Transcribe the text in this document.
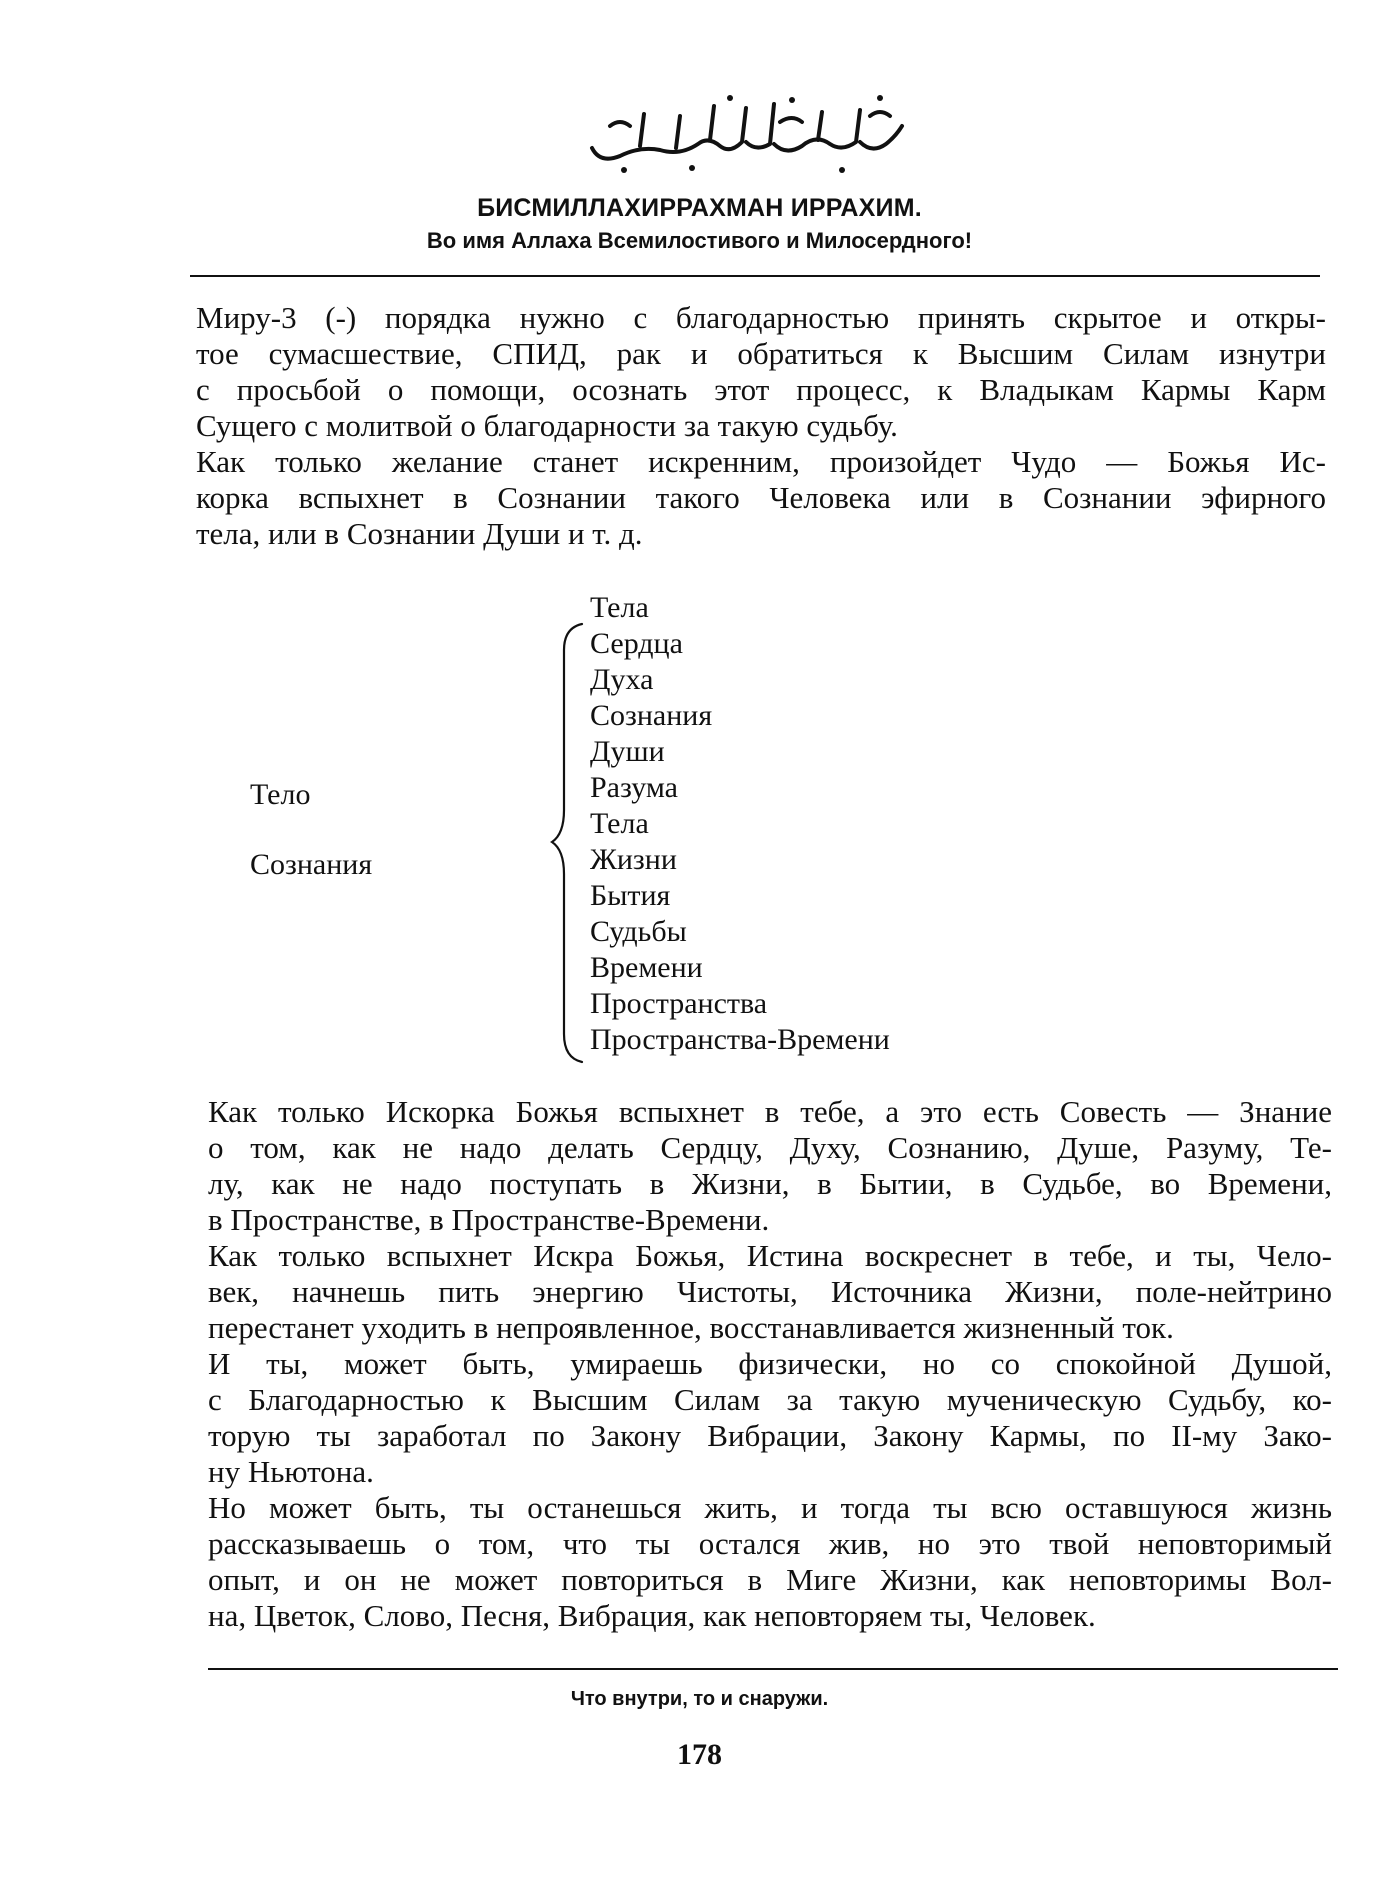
БИСМИЛЛАХИРРАХМАН ИРРАХИМ.
Во имя Аллаха Всемилостивого и Милосердного!
Миру-3 (-) порядка нужно с благодарностью принять скрытое и откры-
тое сумасшествие, СПИД, рак и обратиться к Высшим Силам изнутри
с просьбой о помощи, осознать этот процесс, к Владыкам Кармы Карм
Сущего с молитвой о благодарности за такую судьбу.
Как только желание станет искренним, произойдет Чудо — Божья Ис-
корка вспыхнет в Сознании такого Человека или в Сознании эфирного
тела, или в Сознании Души и т. д.
Тело
Сознания
Тела
Сердца
Духа
Сознания
Души
Разума
Тела
Жизни
Бытия
Судьбы
Времени
Пространства
Пространства-Времени
Как только Искорка Божья вспыхнет в тебе, а это есть Совесть — Знание
о том, как не надо делать Сердцу, Духу, Сознанию, Душе, Разуму, Те-
лу, как не надо поступать в Жизни, в Бытии, в Судьбе, во Времени,
в Пространстве, в Пространстве-Времени.
Как только вспыхнет Искра Божья, Истина воскреснет в тебе, и ты, Чело-
век, начнешь пить энергию Чистоты, Источника Жизни, поле-нейтрино
перестанет уходить в непроявленное, восстанавливается жизненный ток.
И ты, может быть, умираешь физически, но со спокойной Душой,
с Благодарностью к Высшим Силам за такую мученическую Судьбу, ко-
торую ты заработал по Закону Вибрации, Закону Кармы, по II-му Зако-
ну Ньютона.
Но может быть, ты останешься жить, и тогда ты всю оставшуюся жизнь
рассказываешь о том, что ты остался жив, но это твой неповторимый
опыт, и он не может повториться в Миге Жизни, как неповторимы Вол-
на, Цветок, Слово, Песня, Вибрация, как неповторяем ты, Человек.
Что внутри, то и снаружи.
178
